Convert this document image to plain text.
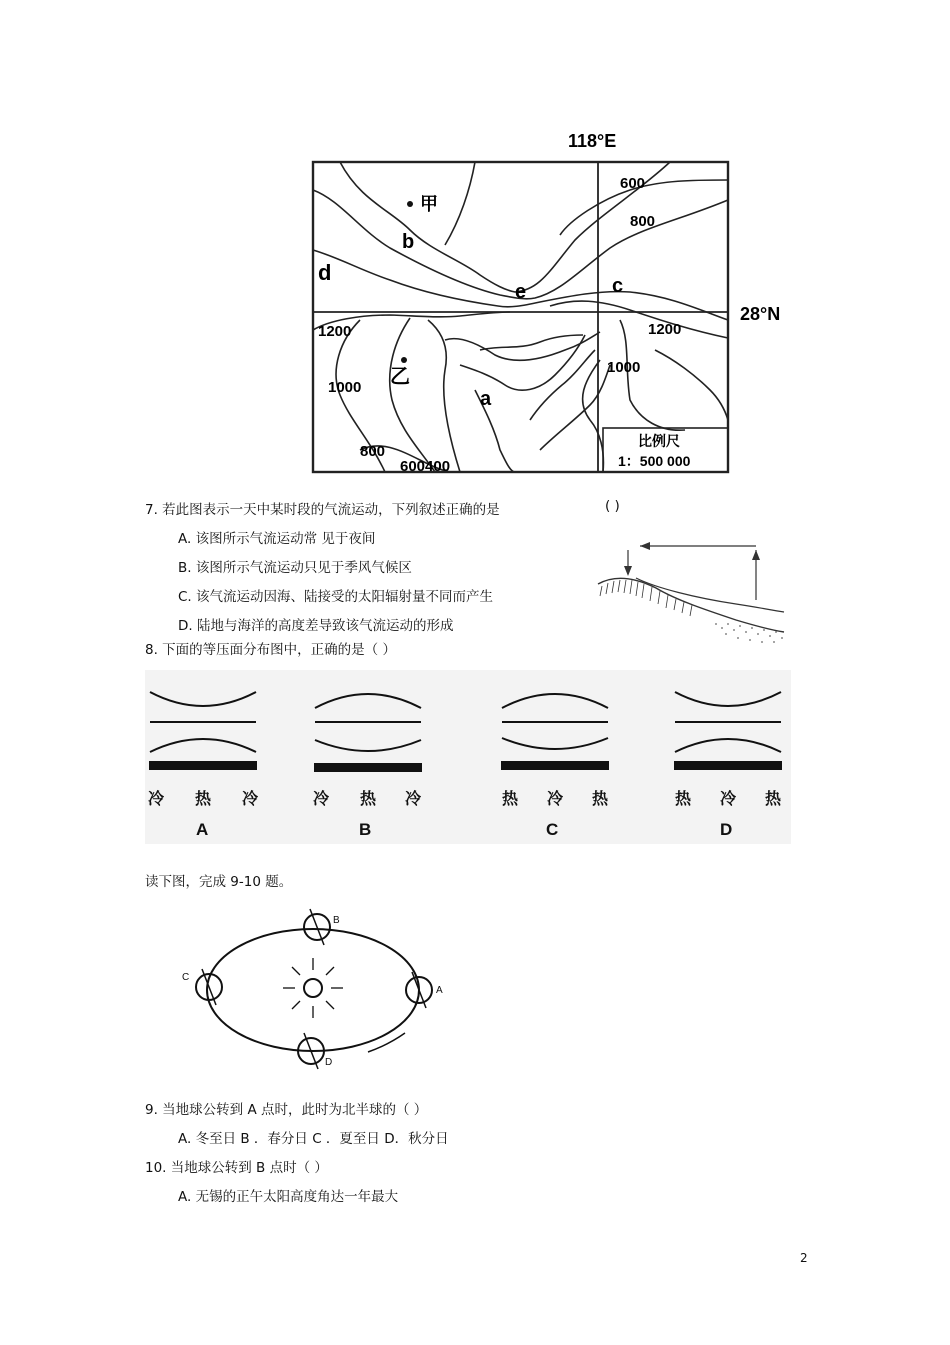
118°E
28°N
甲
乙
a
b
c
d
e
600
800
1200
1000
800
600400
1200
1000
比例尺
1：500 000
7. 若此图表示一天中某时段的气流运动，下列叙述正确的是	( )
A. 该图所示气流运动常 见于夜间
B. 该图所示气流运动只见于季风气候区
C. 该气流运动因海、陆接受的太阳辐射量不同而产生
D. 陆地与海洋的高度差导致该气流运动的形成
8. 下面的等压面分布图中，正确的是（ ）
冷 热 冷	冷 热 冷	热 冷 热	热 冷 热
A	B	C	D
读下图，完成 9-10 题。
B
C
A
D
9. 当地球公转到 A 点时，此时为北半球的（ ）
A. 冬至日 B ．春分日 C ．夏至日 D．秋分日
10. 当地球公转到 B 点时（ ）
A. 无锡的正午太阳高度角达一年最大
2
